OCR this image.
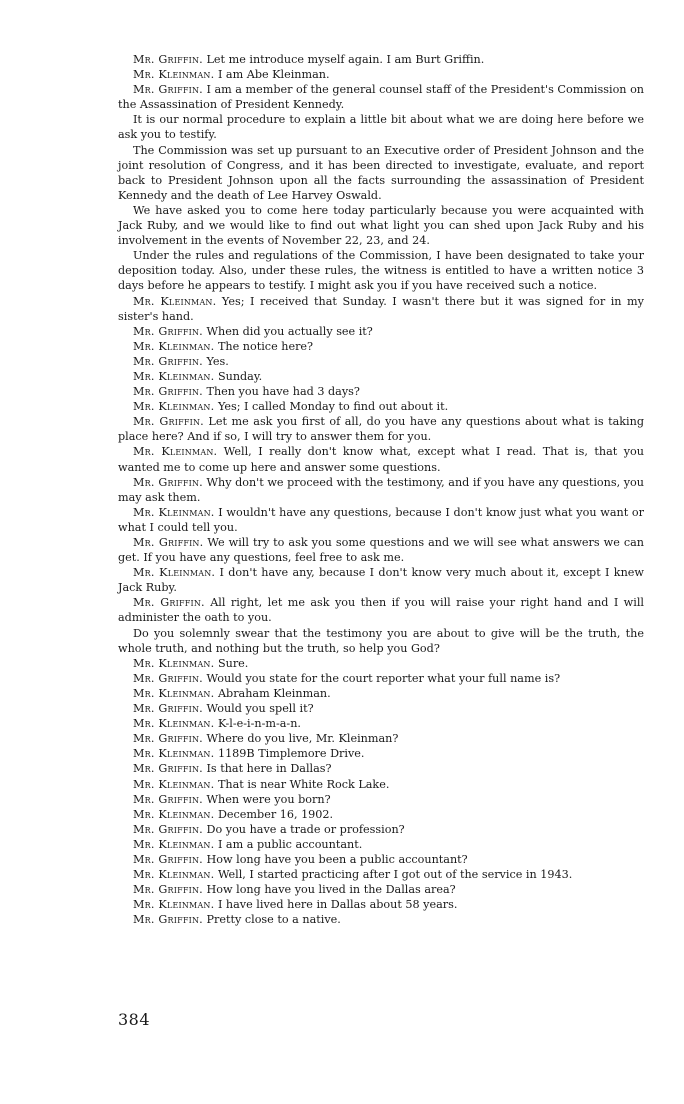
Mr. Griffin. Let me introduce myself again. I am Burt Griffin.

Mr. Kleinman. I am Abe Kleinman.

Mr. Griffin. I am a member of the general counsel staff of the President's Commission on the Assassination of President Kennedy.

It is our normal procedure to explain a little bit about what we are doing here before we ask you to testify.

The Commission was set up pursuant to an Executive order of President Johnson and the joint resolution of Congress, and it has been directed to investigate, evaluate, and report back to President Johnson upon all the facts surrounding the assassination of President Kennedy and the death of Lee Harvey Oswald.

We have asked you to come here today particularly because you were acquainted with Jack Ruby, and we would like to find out what light you can shed upon Jack Ruby and his involvement in the events of November 22, 23, and 24.

Under the rules and regulations of the Commission, I have been designated to take your deposition today. Also, under these rules, the witness is entitled to have a written notice 3 days before he appears to testify. I might ask you if you have received such a notice.

Mr. Kleinman. Yes; I received that Sunday. I wasn't there but it was signed for in my sister's hand.

Mr. Griffin. When did you actually see it?

Mr. Kleinman. The notice here?

Mr. Griffin. Yes.

Mr. Kleinman. Sunday.

Mr. Griffin. Then you have had 3 days?

Mr. Kleinman. Yes; I called Monday to find out about it.

Mr. Griffin. Let me ask you first of all, do you have any questions about what is taking place here? And if so, I will try to answer them for you.

Mr. Kleinman. Well, I really don't know what, except what I read. That is, that you wanted me to come up here and answer some questions.

Mr. Griffin. Why don't we proceed with the testimony, and if you have any questions, you may ask them.

Mr. Kleinman. I wouldn't have any questions, because I don't know just what you want or what I could tell you.

Mr. Griffin. We will try to ask you some questions and we will see what answers we can get. If you have any questions, feel free to ask me.

Mr. Kleinman. I don't have any, because I don't know very much about it, except I knew Jack Ruby.

Mr. Griffin. All right, let me ask you then if you will raise your right hand and I will administer the oath to you.

Do you solemnly swear that the testimony you are about to give will be the truth, the whole truth, and nothing but the truth, so help you God?

Mr. Kleinman. Sure.

Mr. Griffin. Would you state for the court reporter what your full name is?

Mr. Kleinman. Abraham Kleinman.

Mr. Griffin. Would you spell it?

Mr. Kleinman. K-l-e-i-n-m-a-n.

Mr. Griffin. Where do you live, Mr. Kleinman?

Mr. Kleinman. 1189B Timplemore Drive.

Mr. Griffin. Is that here in Dallas?

Mr. Kleinman. That is near White Rock Lake.

Mr. Griffin. When were you born?

Mr. Kleinman. December 16, 1902.

Mr. Griffin. Do you have a trade or profession?

Mr. Kleinman. I am a public accountant.

Mr. Griffin. How long have you been a public accountant?

Mr. Kleinman. Well, I started practicing after I got out of the service in 1943.

Mr. Griffin. How long have you lived in the Dallas area?

Mr. Kleinman. I have lived here in Dallas about 58 years.

Mr. Griffin. Pretty close to a native.

384
